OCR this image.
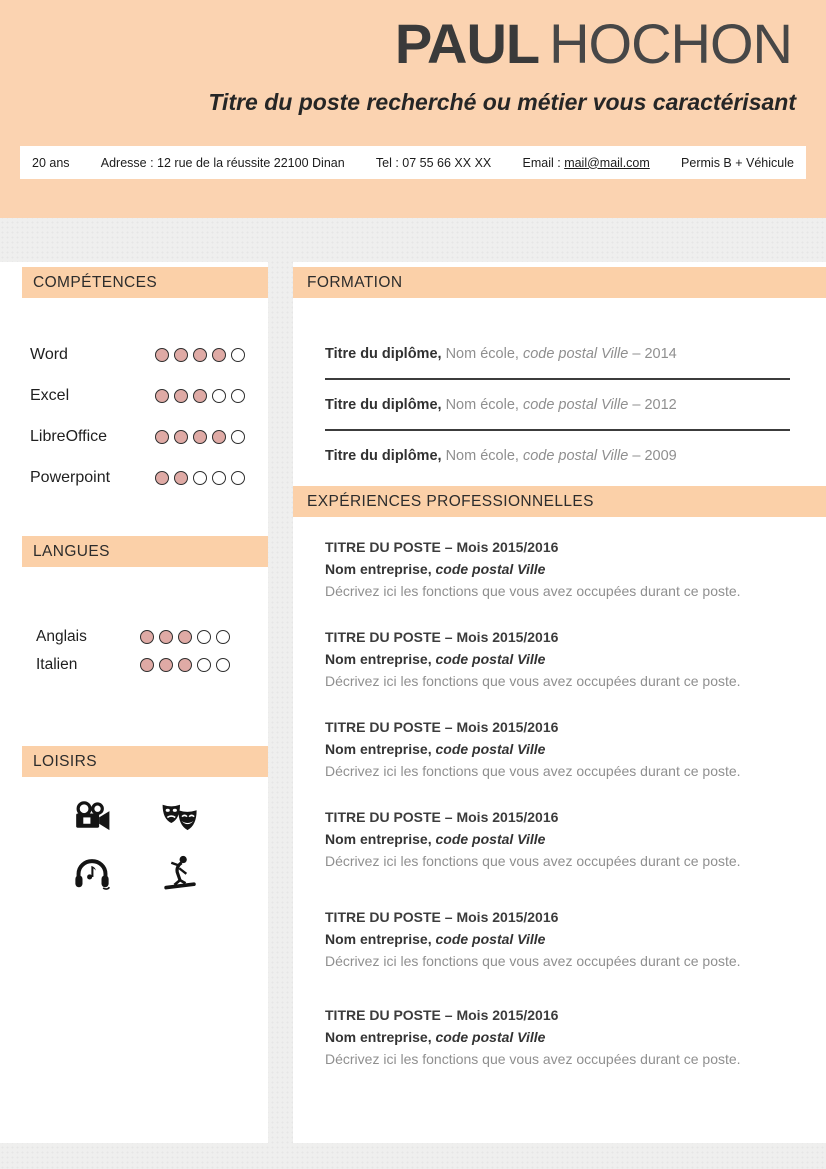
PAUL HOCHON
Titre du poste recherché ou métier vous caractérisant
20 ans Adresse : 12 rue de la réussite 22100 Dinan Tel : 07 55 66 XX XX Email : mail@mail.com Permis B + Véhicule
COMPÉTENCES
Word
Excel
LibreOffice
Powerpoint
LANGUES
Anglais
Italien
LOISIRS
FORMATION
Titre du diplôme, Nom école, code postal Ville – 2014
Titre du diplôme, Nom école, code postal Ville – 2012
Titre du diplôme, Nom école, code postal Ville – 2009
EXPÉRIENCES PROFESSIONNELLES
TITRE DU POSTE – Mois 2015/2016
Nom entreprise, code postal Ville
Décrivez ici les fonctions que vous avez occupées durant ce poste.
TITRE DU POSTE – Mois 2015/2016
Nom entreprise, code postal Ville
Décrivez ici les fonctions que vous avez occupées durant ce poste.
TITRE DU POSTE – Mois 2015/2016
Nom entreprise, code postal Ville
Décrivez ici les fonctions que vous avez occupées durant ce poste.
TITRE DU POSTE – Mois 2015/2016
Nom entreprise, code postal Ville
Décrivez ici les fonctions que vous avez occupées durant ce poste.
TITRE DU POSTE – Mois 2015/2016
Nom entreprise, code postal Ville
Décrivez ici les fonctions que vous avez occupées durant ce poste.
TITRE DU POSTE – Mois 2015/2016
Nom entreprise, code postal Ville
Décrivez ici les fonctions que vous avez occupées durant ce poste.
